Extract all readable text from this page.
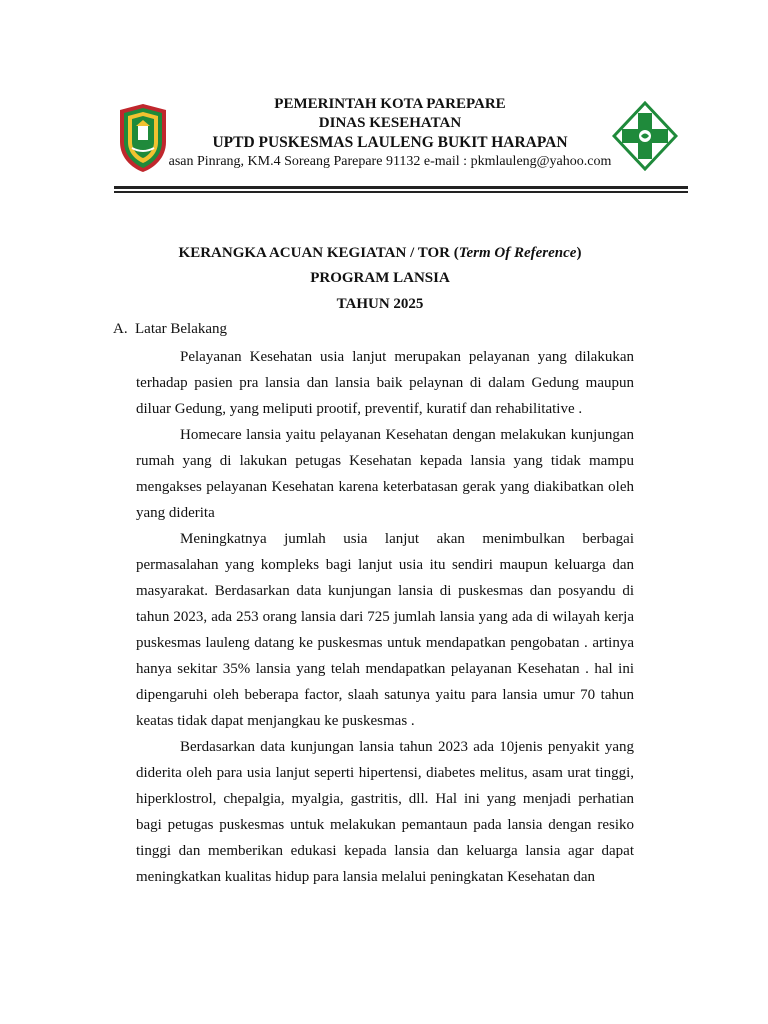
PEMERINTAH KOTA PAREPARE

DINAS KESEHATAN

UPTD PUSKESMAS LAULENG BUKIT HARAPAN

asan Pinrang, KM.4 Soreang Parepare 91132 e-mail : pkmlauleng@yahoo.com

KERANGKA ACUAN KEGIATAN / TOR (Term Of Reference)

PROGRAM LANSIA

TAHUN 2025

A. Latar Belakang

Pelayanan Kesehatan usia lanjut merupakan pelayanan yang dilakukan terhadap pasien pra lansia dan lansia baik pelaynan di dalam Gedung maupun diluar Gedung, yang meliputi prootif, preventif, kuratif dan rehabilitative .

Homecare lansia yaitu pelayanan Kesehatan dengan melakukan kunjungan rumah yang di lakukan petugas Kesehatan kepada lansia yang tidak mampu mengakses pelayanan Kesehatan karena keterbatasan gerak yang diakibatkan oleh yang diderita

Meningkatnya jumlah usia lanjut akan menimbulkan berbagai permasalahan yang kompleks bagi lanjut usia itu sendiri maupun keluarga dan masyarakat. Berdasarkan data kunjungan lansia di puskesmas dan posyandu di tahun 2023, ada 253 orang lansia dari 725 jumlah lansia yang ada di wilayah kerja puskesmas lauleng datang ke puskesmas untuk mendapatkan pengobatan . artinya hanya sekitar 35% lansia yang telah mendapatkan pelayanan Kesehatan . hal ini dipengaruhi oleh beberapa factor, slaah satunya yaitu para lansia umur 70 tahun keatas tidak dapat menjangkau ke puskesmas .

Berdasarkan data kunjungan lansia tahun 2023 ada 10jenis penyakit yang diderita oleh para usia lanjut seperti hipertensi, diabetes melitus, asam urat tinggi, hiperklostrol, chepalgia, myalgia, gastritis, dll. Hal ini yang menjadi perhatian bagi petugas puskesmas untuk melakukan pemantaun pada lansia dengan resiko tinggi dan memberikan edukasi kepada lansia dan keluarga lansia agar dapat meningkatkan kualitas hidup para lansia melalui peningkatan Kesehatan dan
